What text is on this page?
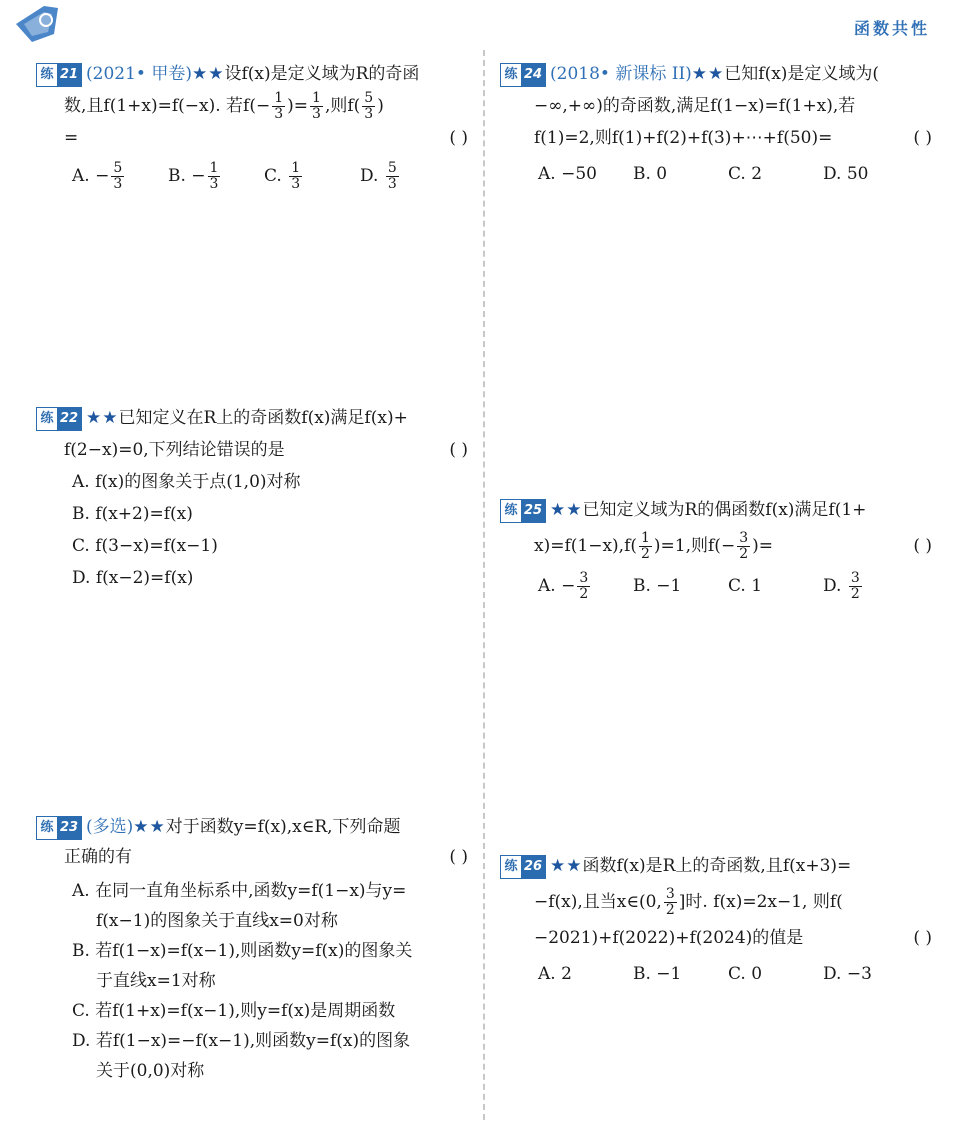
函数共性
练 21 (2021• 甲卷)★★设f(x)是定义域为R的奇函
数,且f(1+x)=f(−x). 若$f(- \frac{1}{3}$ )= $\frac{1}{3}$ ,则$f( \frac{5}{3}$ )
=	( )
A. − $\frac{5}{3}$	B. − $\frac{1}{3}$	C. $\frac{1}{3}$	D. $\frac{5}{3}$
练 22 ★★已知定义在R上的奇函数f(x)满足f(x)+
f(2−x)=0,下列结论错误的是	( )
A. f(x)的图象关于点(1,0)对称
B. f(x+2)=f(x)
C. f(3−x)=f(x−1)
D. f(x−2)=f(x)
练 23 (多选)★★对于函数y=f(x),x∈R,下列命题
正确的有	( )
A. 在同一直角坐标系中,函数y=f(1−x)与y=
f(x−1)的图象关于直线x=0对称
B. 若f(1−x)=f(x−1),则函数y=f(x)的图象关
于直线x=1对称
C. 若f(1+x)=f(x−1),则y=f(x)是周期函数
D. 若f(1−x)=−f(x−1),则函数y=f(x)的图象
关于(0,0)对称
练 24 (2018• 新课标 II)★★已知f(x)是定义域为(
−∞,+∞)的奇函数,满足f(1−x)=f(1+x),若
f(1)=2,则f(1)+f(2)+f(3)+⋯+f(50)=	( )
A. −50 B. 0	C. 2	D. 50
练 25 ★★已知定义域为R的偶函数f(x)满足f(1+
$x)=f(1-x),f( \frac{1}{2} )=1$,则$f(- \frac{3}{2}$ )=	( )
A. − $\frac{3}{2}$	B. −1	C. 1	D. $\frac{3}{2}$
练 26 ★★函数f(x)是R上的奇函数,且f(x+3)=
−f(x),且当x∈(0, $\frac{3}{2}$ ]时. f(x)=2x−1, 则f(
−2021)+f(2022)+f(2024)的值是	( )
A. 2	B. −1	C. 0	D. −3
